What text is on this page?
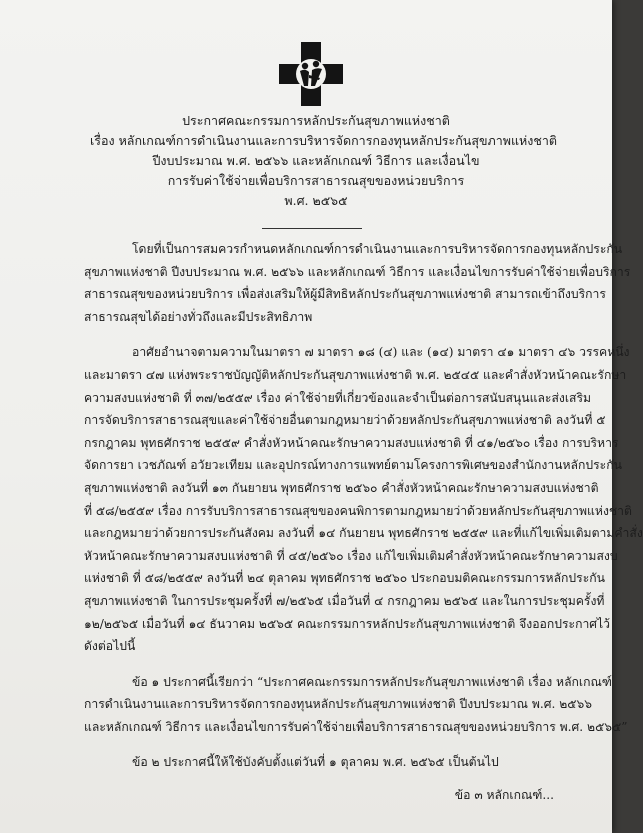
ประกาศคณะกรรมการหลักประกันสุขภาพแห่งชาติ
เรื่อง หลักเกณฑ์การดำเนินงานและการบริหารจัดการกองทุนหลักประกันสุขภาพแห่งชาติ
ปีงบประมาณ พ.ศ. ๒๕๖๖ และหลักเกณฑ์ วิธีการ และเงื่อนไข
การรับค่าใช้จ่ายเพื่อบริการสาธารณสุขของหน่วยบริการ
พ.ศ. ๒๕๖๕
โดยที่เป็นการสมควรกำหนดหลักเกณฑ์การดำเนินงานและการบริหารจัดการกองทุนหลักประกัน
สุขภาพแห่งชาติ ปีงบประมาณ พ.ศ. ๒๕๖๖ และหลักเกณฑ์ วิธีการ และเงื่อนไขการรับค่าใช้จ่ายเพื่อบริการ
สาธารณสุขของหน่วยบริการ เพื่อส่งเสริมให้ผู้มีสิทธิหลักประกันสุขภาพแห่งชาติ สามารถเข้าถึงบริการ
สาธารณสุขได้อย่างทั่วถึงและมีประสิทธิภาพ
อาศัยอำนาจตามความในมาตรา ๗ มาตรา ๑๘ (๔) และ (๑๔) มาตรา ๔๑ มาตรา ๔๖ วรรคหนึ่ง
และมาตรา ๔๗ แห่งพระราชบัญญัติหลักประกันสุขภาพแห่งชาติ พ.ศ. ๒๕๔๕ และคำสั่งหัวหน้าคณะรักษา
ความสงบแห่งชาติ ที่ ๓๗/๒๕๕๙ เรื่อง ค่าใช้จ่ายที่เกี่ยวข้องและจำเป็นต่อการสนับสนุนและส่งเสริม
การจัดบริการสาธารณสุขและค่าใช้จ่ายอื่นตามกฎหมายว่าด้วยหลักประกันสุขภาพแห่งชาติ ลงวันที่ ๕
กรกฎาคม พุทธศักราช ๒๕๕๙ คำสั่งหัวหน้าคณะรักษาความสงบแห่งชาติ ที่ ๔๑/๒๕๖๐ เรื่อง การบริหาร
จัดการยา เวชภัณฑ์ อวัยวะเทียม และอุปกรณ์ทางการแพทย์ตามโครงการพิเศษของสำนักงานหลักประกัน
สุขภาพแห่งชาติ ลงวันที่ ๑๓ กันยายน พุทธศักราช ๒๕๖๐ คำสั่งหัวหน้าคณะรักษาความสงบแห่งชาติ
ที่ ๕๘/๒๕๕๙ เรื่อง การรับบริการสาธารณสุขของคนพิการตามกฎหมายว่าด้วยหลักประกันสุขภาพแห่งชาติ
และกฎหมายว่าด้วยการประกันสังคม ลงวันที่ ๑๔ กันยายน พุทธศักราช ๒๕๕๙ และที่แก้ไขเพิ่มเติมตามคำสั่ง
หัวหน้าคณะรักษาความสงบแห่งชาติ ที่ ๔๕/๒๕๖๐ เรื่อง แก้ไขเพิ่มเติมคำสั่งหัวหน้าคณะรักษาความสงบ
แห่งชาติ ที่ ๕๘/๒๕๕๙ ลงวันที่ ๒๔ ตุลาคม พุทธศักราช ๒๕๖๐ ประกอบมติคณะกรรมการหลักประกัน
สุขภาพแห่งชาติ ในการประชุมครั้งที่ ๗/๒๕๖๕ เมื่อวันที่ ๔ กรกฎาคม ๒๕๖๕ และในการประชุมครั้งที่
๑๒/๒๕๖๕ เมื่อวันที่ ๑๔ ธันวาคม ๒๕๖๕ คณะกรรมการหลักประกันสุขภาพแห่งชาติ จึงออกประกาศไว้
ดังต่อไปนี้
ข้อ ๑ ประกาศนี้เรียกว่า “ประกาศคณะกรรมการหลักประกันสุขภาพแห่งชาติ เรื่อง หลักเกณฑ์
การดำเนินงานและการบริหารจัดการกองทุนหลักประกันสุขภาพแห่งชาติ ปีงบประมาณ พ.ศ. ๒๕๖๖
และหลักเกณฑ์ วิธีการ และเงื่อนไขการรับค่าใช้จ่ายเพื่อบริการสาธารณสุขของหน่วยบริการ พ.ศ. ๒๕๖๕”
ข้อ ๒ ประกาศนี้ให้ใช้บังคับตั้งแต่วันที่ ๑ ตุลาคม พ.ศ. ๒๕๖๕ เป็นต้นไป
ข้อ ๓ หลักเกณฑ์...
